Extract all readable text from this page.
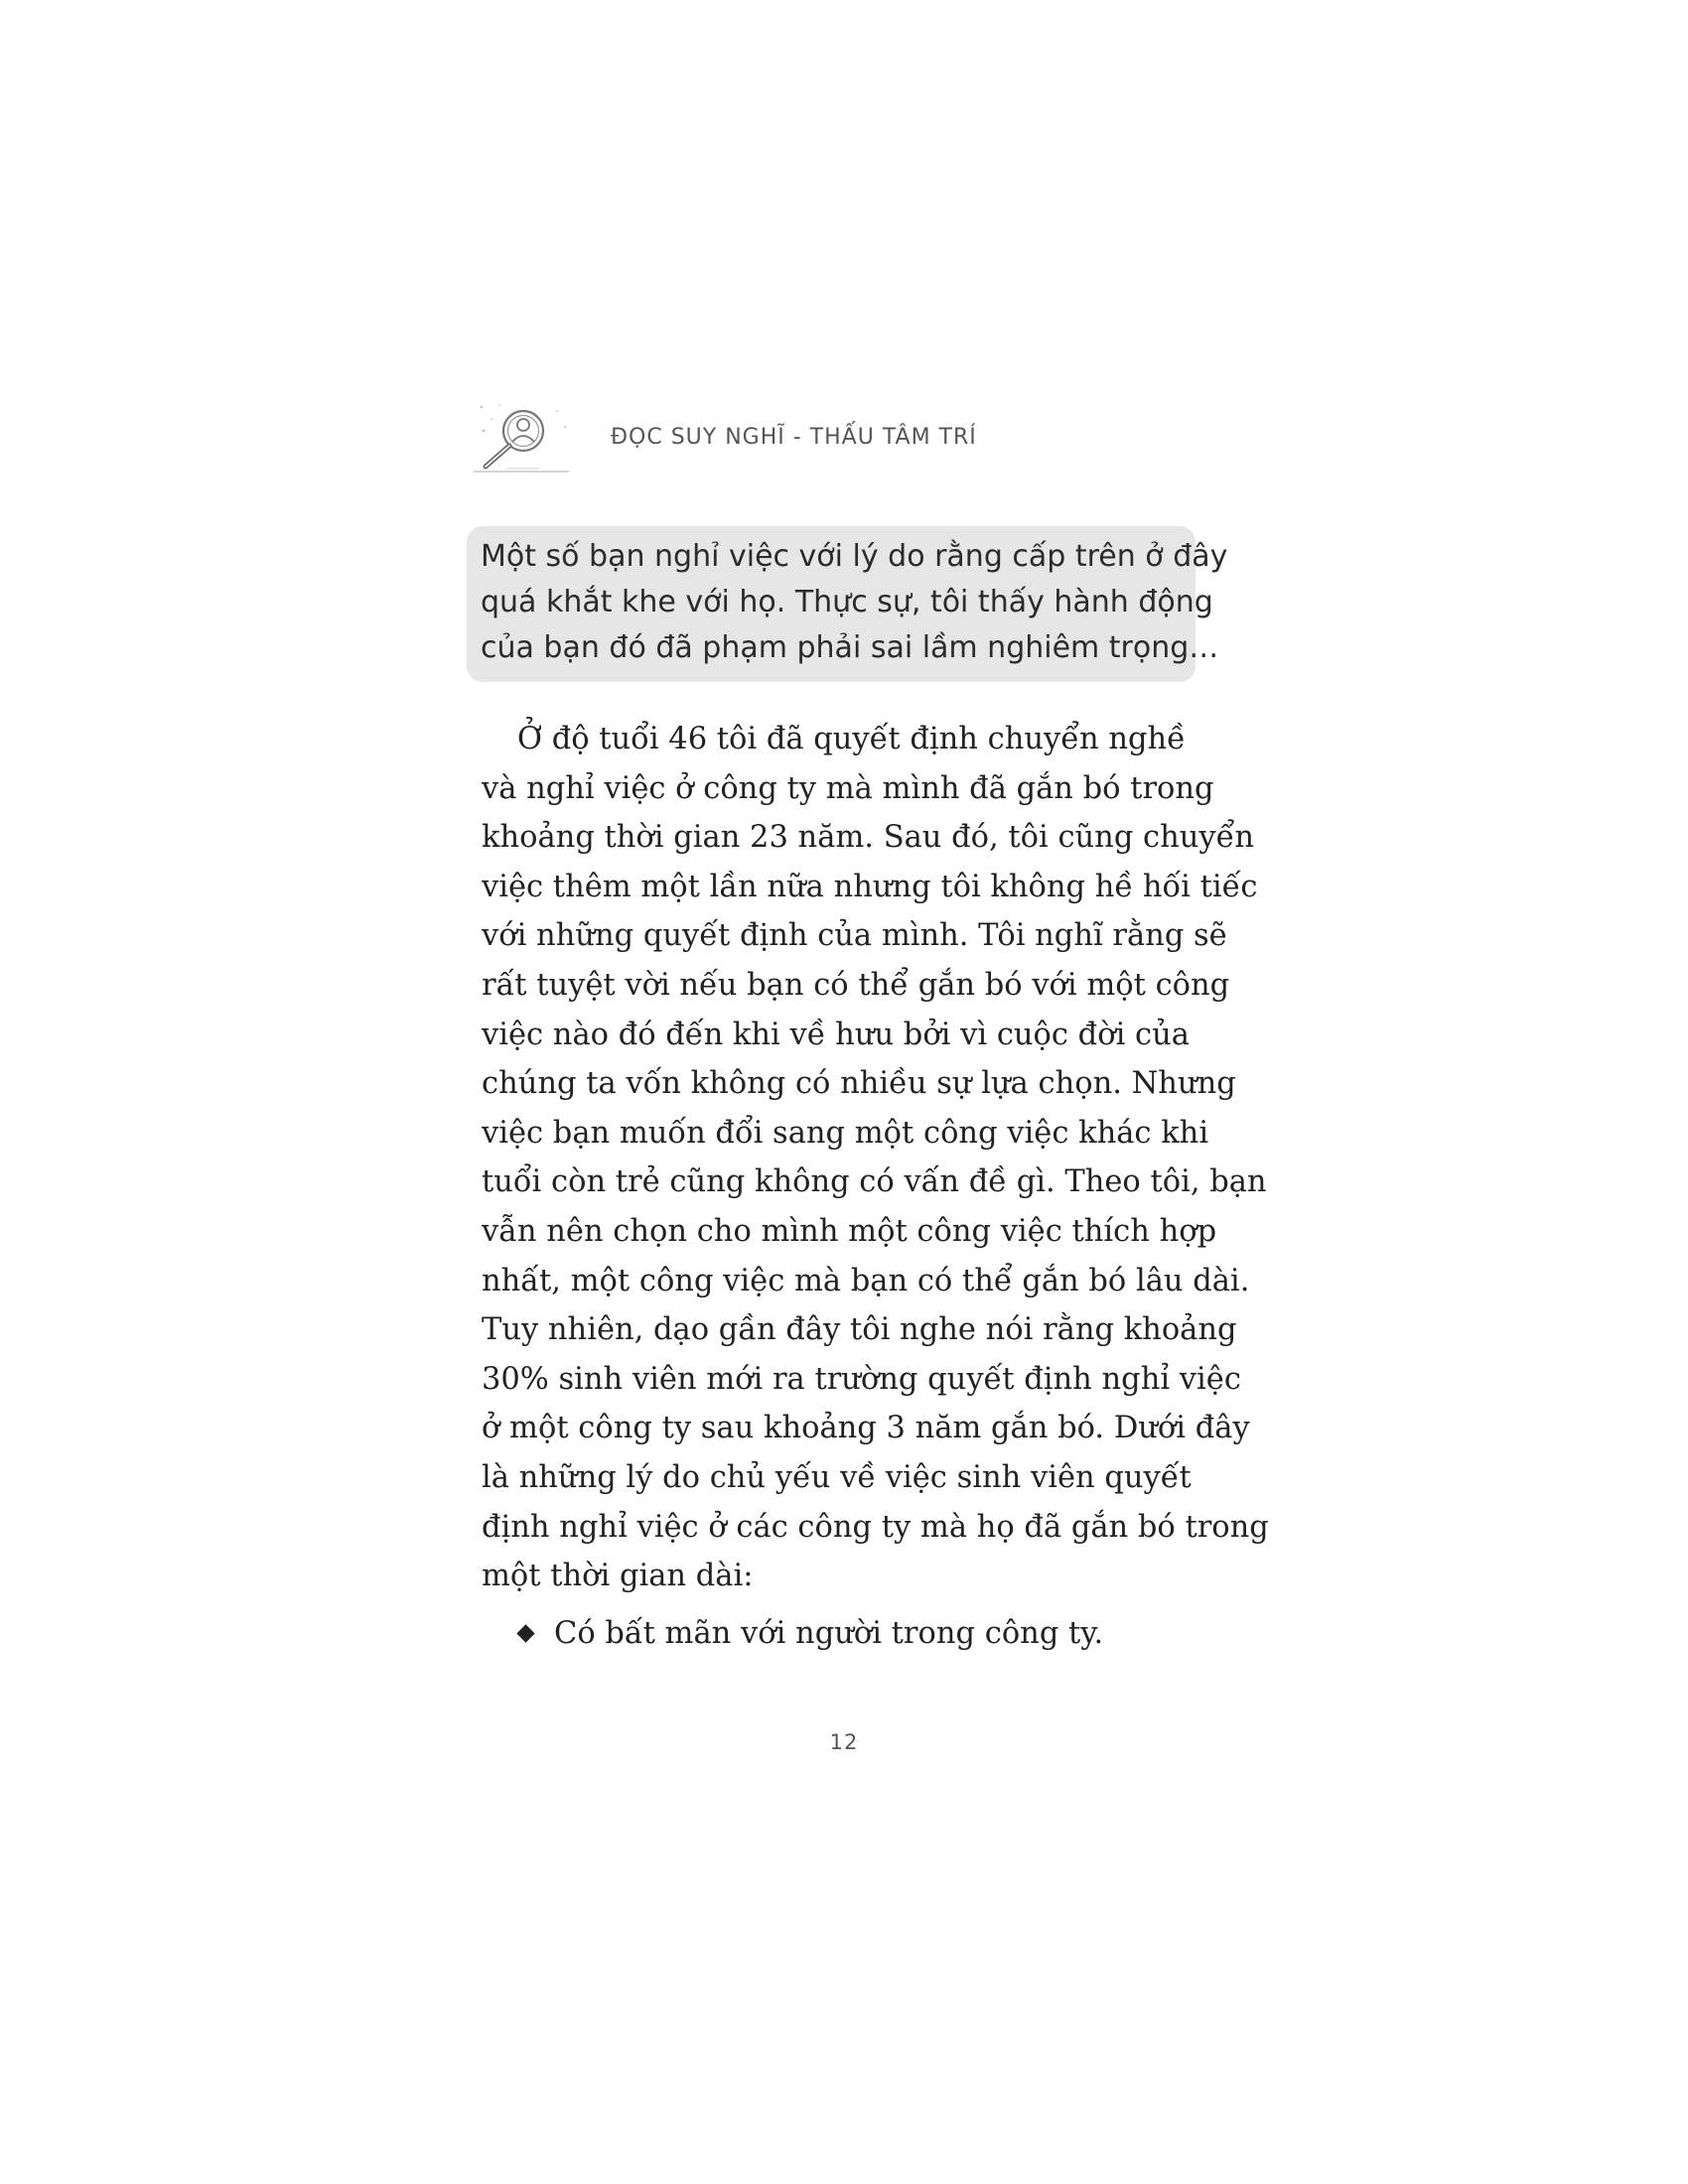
ĐỌC SUY NGHĨ - THẤU TÂM TRÍ
Một số bạn nghỉ việc với lý do rằng cấp trên ở đây
quá khắt khe với họ. Thực sự, tôi thấy hành động
của bạn đó đã phạm phải sai lầm nghiêm trọng…
Ở độ tuổi 46 tôi đã quyết định chuyển nghề
và nghỉ việc ở công ty mà mình đã gắn bó trong
khoảng thời gian 23 năm. Sau đó, tôi cũng chuyển
việc thêm một lần nữa nhưng tôi không hề hối tiếc
với những quyết định của mình. Tôi nghĩ rằng sẽ
rất tuyệt vời nếu bạn có thể gắn bó với một công
việc nào đó đến khi về hưu bởi vì cuộc đời của
chúng ta vốn không có nhiều sự lựa chọn. Nhưng
việc bạn muốn đổi sang một công việc khác khi
tuổi còn trẻ cũng không có vấn đề gì. Theo tôi, bạn
vẫn nên chọn cho mình một công việc thích hợp
nhất, một công việc mà bạn có thể gắn bó lâu dài.
Tuy nhiên, dạo gần đây tôi nghe nói rằng khoảng
30% sinh viên mới ra trường quyết định nghỉ việc
ở một công ty sau khoảng 3 năm gắn bó. Dưới đây
là những lý do chủ yếu về việc sinh viên quyết
định nghỉ việc ở các công ty mà họ đã gắn bó trong
một thời gian dài:
Có bất mãn với người trong công ty.
12
